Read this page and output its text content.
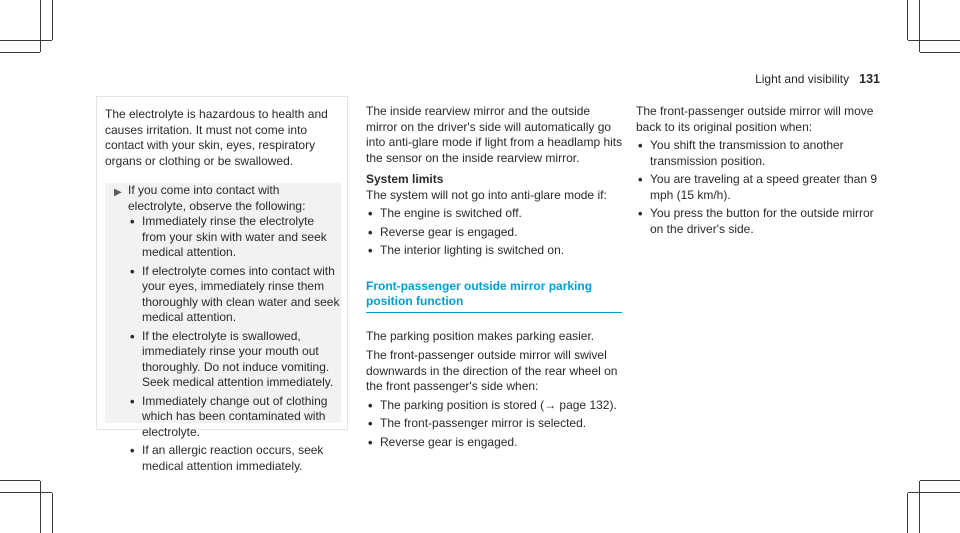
Light and visibility 131

The electrolyte is hazardous to health and causes irritation. It must not come into contact with your skin, eyes, respiratory organs or clothing or be swallowed.

▶ If you come into contact with electrolyte, observe the following:

• Immediately rinse the electrolyte from your skin with water and seek medical attention.
• If electrolyte comes into contact with your eyes, immediately rinse them thoroughly with clean water and seek medical attention.
• If the electrolyte is swallowed, immediately rinse your mouth out thoroughly. Do not induce vomiting. Seek medical attention immediately.
• Immediately change out of clothing which has been contaminated with electrolyte.
• If an allergic reaction occurs, seek medical attention immediately.

The inside rearview mirror and the outside mirror on the driver's side will automatically go into anti-glare mode if light from a headlamp hits the sensor on the inside rearview mirror.

System limits

The system will not go into anti-glare mode if:

• The engine is switched off.
• Reverse gear is engaged.
• The interior lighting is switched on.
Front-passenger outside mirror parking position function

The parking position makes parking easier.

The front-passenger outside mirror will swivel downwards in the direction of the rear wheel on the front passenger's side when:

• The parking position is stored (→ page 132).
• The front-passenger mirror is selected.
• Reverse gear is engaged.

The front-passenger outside mirror will move back to its original position when:

• You shift the transmission to another transmission position.
• You are traveling at a speed greater than 9 mph (15 km/h).
• You press the button for the outside mirror on the driver's side.
